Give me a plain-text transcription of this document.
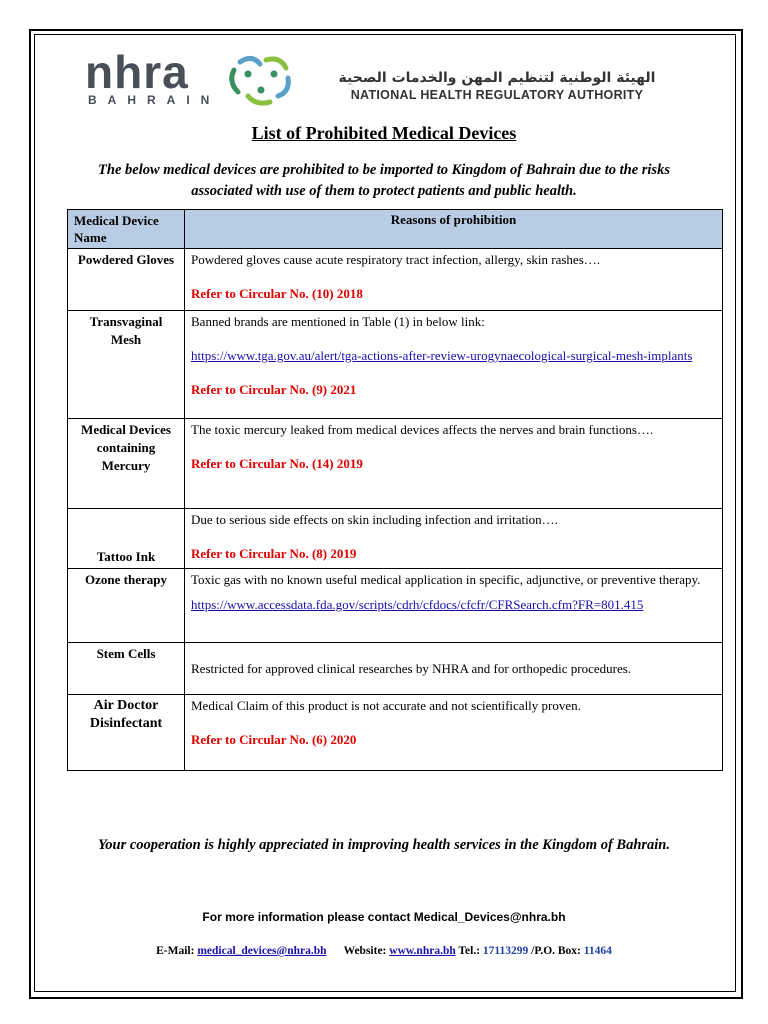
nhra
BAHRAIN
الهيئة الوطنية لتنظيم المهن والخدمات الصحية
NATIONAL HEALTH REGULATORY AUTHORITY
List of Prohibited Medical Devices
The below medical devices are prohibited to be imported to Kingdom of Bahrain due to the risks associated with use of them to protect patients and public health.
Medical Device Name	Reasons of prohibition
Powdered Gloves	Powdered gloves cause acute respiratory tract infection, allergy, skin rashes….
Refer to Circular No. (10) 2018

Transvaginal Mesh	Banned brands are mentioned in Table (1) in below link:
https://www.tga.gov.au/alert/tga-actions-after-review-urogynaecological-surgical-mesh-implants
Refer to Circular No. (9) 2021

Medical Devices containing Mercury	The toxic mercury leaked from medical devices affects the nerves and brain functions….
Refer to Circular No. (14) 2019

Tattoo Ink	Due to serious side effects on skin including infection and irritation….
Refer to Circular No. (8) 2019

Ozone therapy	Toxic gas with no known useful medical application in specific, adjunctive, or preventive therapy.
https://www.accessdata.fda.gov/scripts/cdrh/cfdocs/cfcfr/CFRSearch.cfm?FR=801.415

Stem Cells	Restricted for approved clinical researches by NHRA and for orthopedic procedures.

Air Doctor Disinfectant	Medical Claim of this product is not accurate and not scientifically proven.
Refer to Circular No. (6) 2020
Your cooperation is highly appreciated in improving health services in the Kingdom of Bahrain.
For more information please contact Medical_Devices@nhra.bh
E-Mail: medical_devices@nhra.bh Website: www.nhra.bh Tel.: 17113299 /P.O. Box: 11464
